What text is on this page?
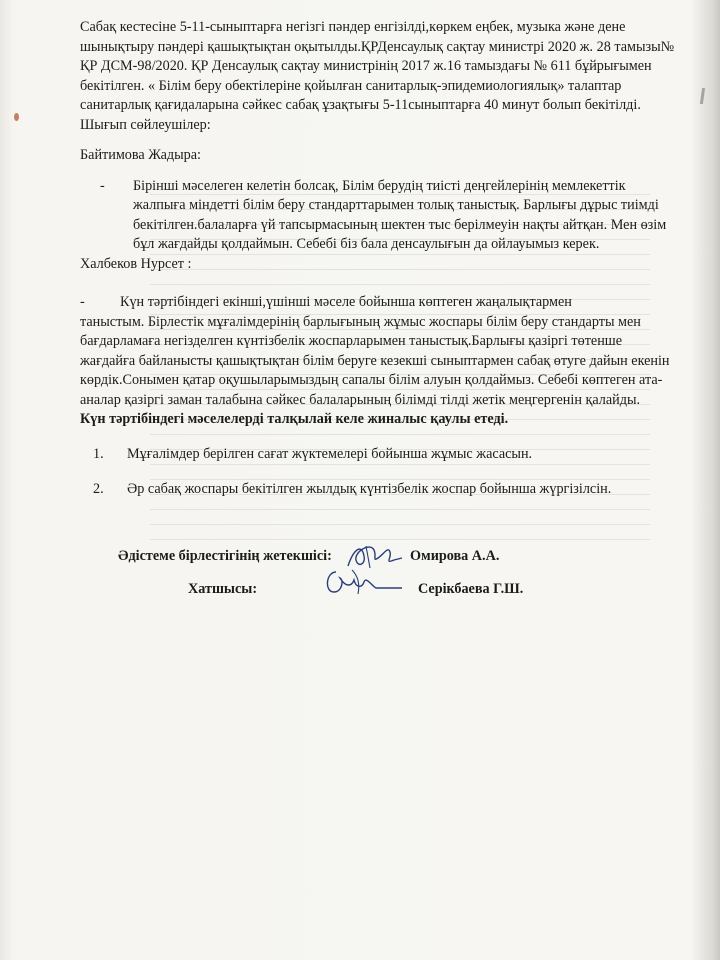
Сабақ кестесіне 5-11-сыныптарға негізгі пәндер енгізілді,көркем еңбек, музыка және дене шынықтыру пәндері қашықтықтан оқытылды.ҚРДенсаулық сақтау министрі 2020 ж. 28 тамызы№ ҚР ДСМ-98/2020. ҚР Денсаулық сақтау министрінің 2017 ж.16 тамыздағы № 611 бұйрығымен бекітілген. « Білім беру обектілеріне қойылған санитарлық-эпидемиологиялық» талаптар санитарлық қағидаларына сәйкес сабақ ұзақтығы 5-11сыныптарға 40 минут болып бекітілді.

Шығып сөйлеушілер:

Байтимова Жадыра:

-	Бірінші мәселеген келетін болсақ, Білім берудің тиісті деңгейлерінің мемлекеттік жалпыға міндетті білім беру стандарттарымен толық таныстық. Барлығы дұрыс тиімді бекітілген.балаларға үй тапсырмасының шектен тыс берілмеуін нақты айтқан. Мен өзім бұл жағдайды қолдаймын. Себебі біз бала денсаулығын да ойлауымыз керек.

Халбеков Нурсет :

-	Күн тәртібіндегі екінші,үшінші мәселе бойынша көптеген жаңалықтармен

таныстым. Бірлестік мұғалімдерінің барлығының жұмыс жоспары білім беру стандарты мен бағдарламаға негізделген күнтізбелік жоспарларымен таныстық.Барлығы қазіргі төтенше жағдайға байланысты қашықтықтан білім беруге кезекші сыныптармен сабақ өтуге дайын екенін көрдік.Сонымен қатар оқушыларымыздың сапалы білім алуын қолдаймыз. Себебі көптеген ата-аналар қазіргі заман талабына сәйкес балаларының білімді тілді жетік меңгергенін қалайды.

Күн тәртібіндегі мәселелерді талқылай келе жиналыс қаулы етеді.

1.	Мұғалімдер берілген сағат жүктемелері бойынша жұмыс жасасын.
2.	Әр сабақ жоспары бекітілген жылдық күнтізбелік жоспар бойынша жүргізілсін.
Әдістеме бірлестігінің жетекшісі:	Омирова А.А.
Хатшысы:	Серікбаева Г.Ш.
